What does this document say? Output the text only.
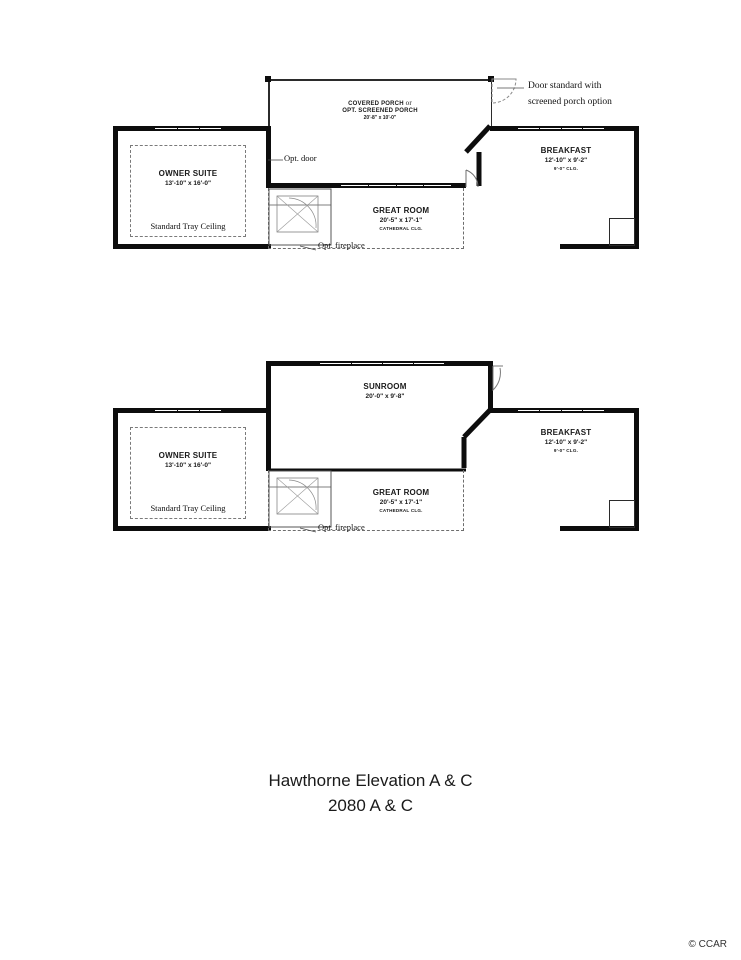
COVERED PORCH or
OPT. SCREENED PORCH
20'-8" x 10'-0"
OWNER SUITE
13'-10" x 16'-0"
Standard Tray Ceiling
GREAT ROOM
20'-5" x 17'-1"
CATHEDRAL CLG.
BREAKFAST
12'-10" x 9'-2"
9'-0" CLG.
Door standard with
screened porch option
Opt. door
Opt. fireplace
SUNROOM
20'-0" x 9'-8"
OWNER SUITE
13'-10" x 16'-0"
Standard Tray Ceiling
GREAT ROOM
20'-5" x 17'-1"
CATHEDRAL CLG.
BREAKFAST
12'-10" x 9'-2"
9'-0" CLG.
Opt. fireplace
Hawthorne Elevation A & C
2080 A & C
© CCAR
